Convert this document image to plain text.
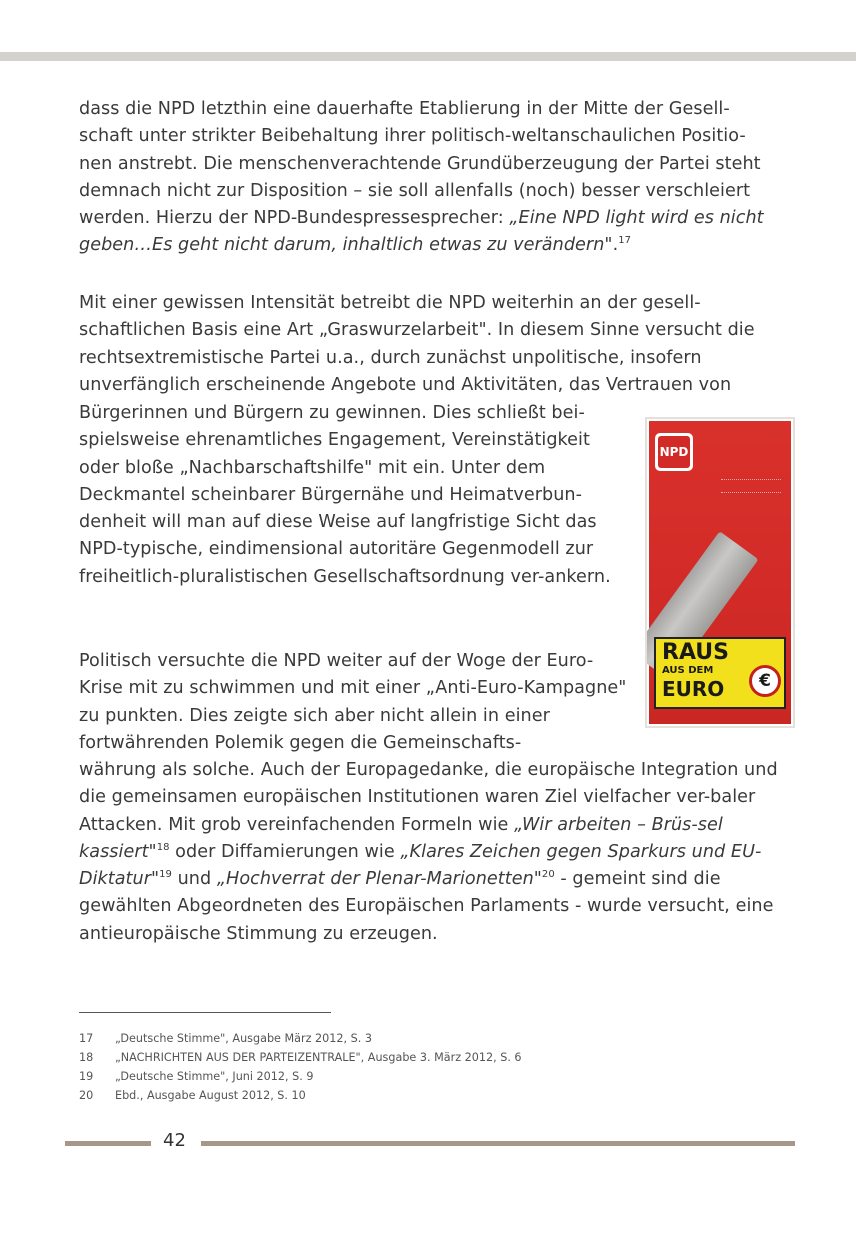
dass die NPD letzthin eine dauerhafte Etablierung in der Mitte der Gesell-schaft unter strikter Beibehaltung ihrer politisch-weltanschaulichen Positio-nen anstrebt. Die menschenverachtende Grundüberzeugung der Partei steht demnach nicht zur Disposition – sie soll allenfalls (noch) besser verschleiert werden. Hierzu der NPD-Bundespressesprecher: „Eine NPD light wird es nicht geben…Es geht nicht darum, inhaltlich etwas zu verändern".$^{17}$

Mit einer gewissen Intensität betreibt die NPD weiterhin an der gesell-schaftlichen Basis eine Art „Graswurzelarbeit". In diesem Sinne versucht die rechtsextremistische Partei u.a., durch zunächst unpolitische, insofern unverfänglich erscheinende Angebote und Aktivitäten, das Vertrauen von

Bürgerinnen und Bürgern zu gewinnen. Dies schließt bei-spielsweise ehrenamtliches Engagement, Vereinstätigkeit oder bloße „Nachbarschaftshilfe" mit ein. Unter dem Deckmantel scheinbarer Bürgernähe und Heimatverbun-denheit will man auf diese Weise auf langfristige Sicht das NPD-typische, eindimensional autoritäre Gegenmodell zur freiheitlich-pluralistischen Gesellschaftsordnung ver-ankern.

Politisch versuchte die NPD weiter auf der Woge der Euro-Krise mit zu schwimmen und mit einer „Anti-Euro-Kampagne" zu punkten. Dies zeigte sich aber nicht allein in einer fortwährenden Polemik gegen die Gemeinschafts-

währung als solche. Auch der Europagedanke, die europäische Integration und die gemeinsamen europäischen Institutionen waren Ziel vielfacher ver-baler Attacken. Mit grob vereinfachenden Formeln wie „Wir arbeiten – Brüs-sel kassiert"$^{18}$ oder Diffamierungen wie „Klares Zeichen gegen Sparkurs und EU-Diktatur"$^{19}$ und „Hochverrat der Plenar-Marionetten"$^{20}$ - gemeint sind die gewählten Abgeordneten des Europäischen Parlaments - wurde versucht, eine antieuropäische Stimmung zu erzeugen.

NPD
RAUS
AUS DEM
EURO	€
17 „Deutsche Stimme", Ausgabe März 2012, S. 3
18 „NACHRICHTEN AUS DER PARTEIZENTRALE", Ausgabe 3. März 2012, S. 6
19 „Deutsche Stimme", Juni 2012, S. 9
20 Ebd., Ausgabe August 2012, S. 10
42
